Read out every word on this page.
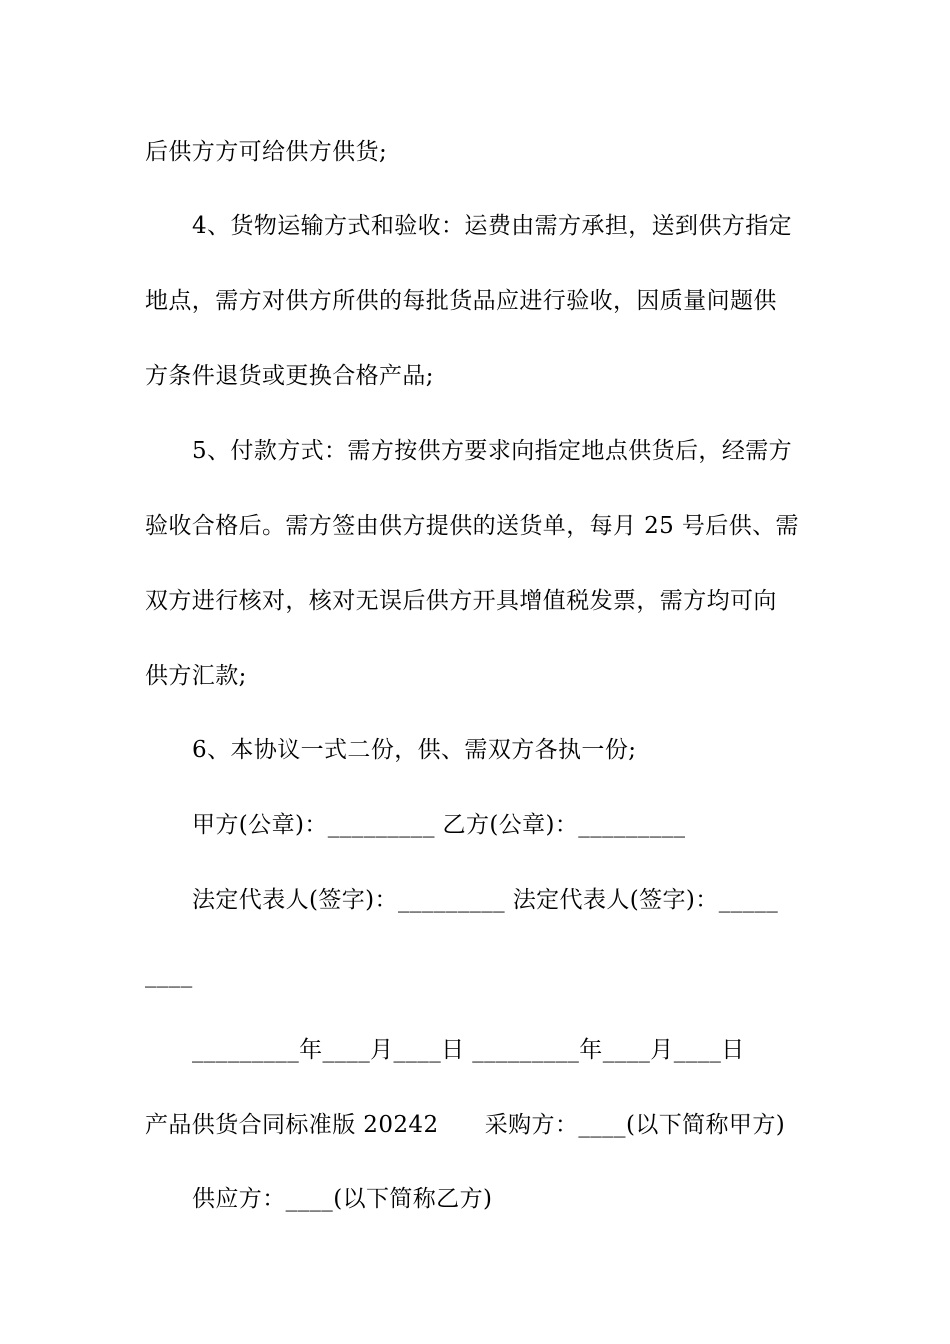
后供方方可给供方供货;
4、货物运输方式和验收：运费由需方承担，送到供方指定
地点，需方对供方所供的每批货品应进行验收，因质量问题供
方条件退货或更换合格产品;
5、付款方式：需方按供方要求向指定地点供货后，经需方
验收合格后。需方签由供方提供的送货单，每月 25 号后供、需
双方进行核对，核对无误后供方开具增值税发票，需方均可向
供方汇款;
6、本协议一式二份，供、需双方各执一份;
甲方(公章)：_________ 乙方(公章)：_________
法定代表人(签字)：_________ 法定代表人(签字)：_____
____
_________年____月____日 _________年____月____日
产品供货合同标准版 20242      采购方：____(以下简称甲方)
供应方：____(以下简称乙方)
